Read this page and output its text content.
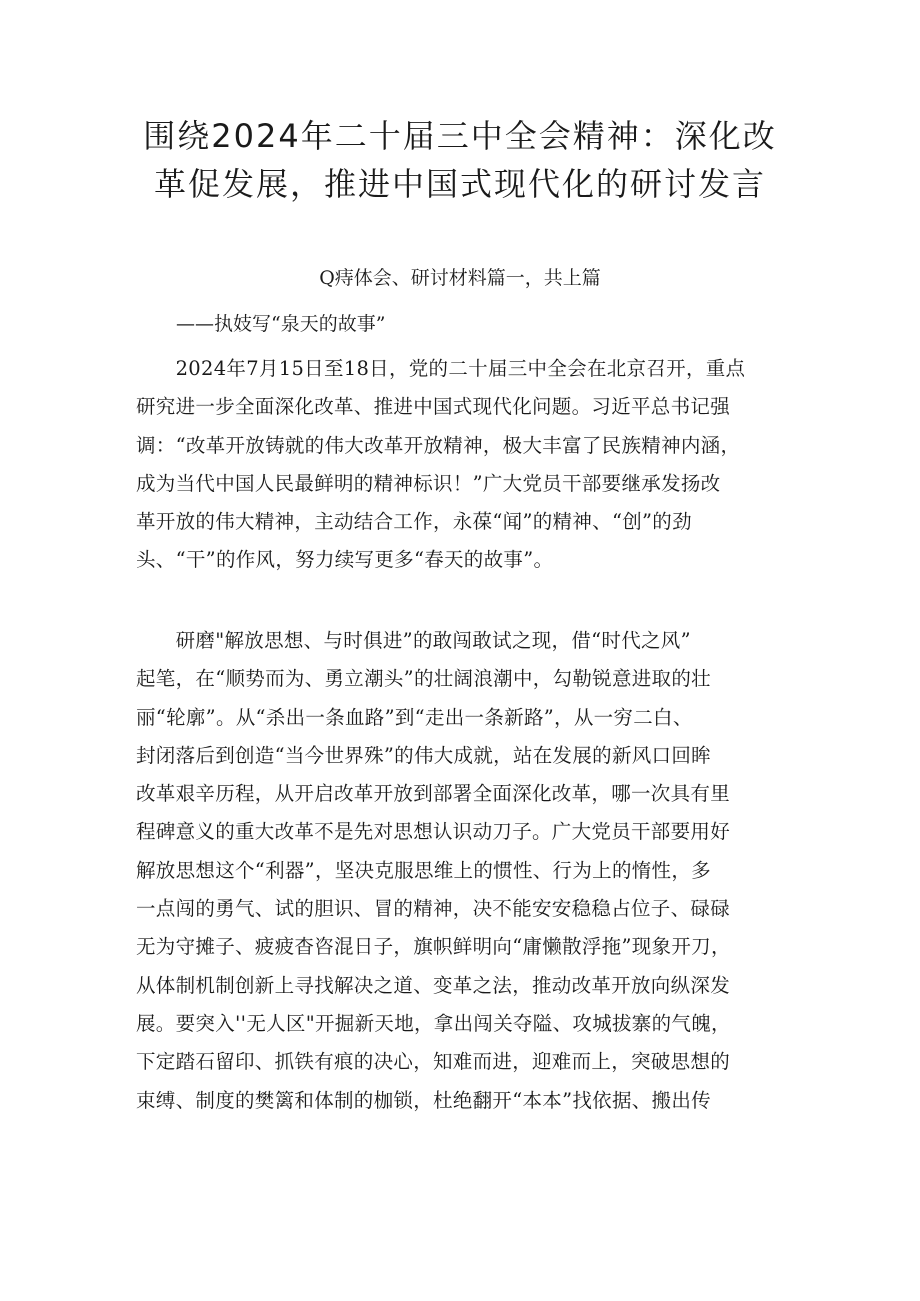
围绕2024年二十届三中全会精神：深化改
革促发展，推进中国式现代化的研讨发言
Q痔体会、研讨材料篇一，共上篇
——执妓写“泉天的故事”
　　2024年7月15日至18日，党的二十届三中全会在北京召开，重点
研究进一步全面深化改革、推进中国式现代化问题。习近平总书记强
调：“改革开放铸就的伟大改革开放精神，极大丰富了民族精神内涵，
成为当代中国人民最鲜明的精神标识！”广大党员干部要继承发扬改
革开放的伟大精神，主动结合工作，永葆“闻”的精神、“创”的劲
头、“干”的作风，努力续写更多“春天的故事”。
　　研磨"解放思想、与时俱进”的敢闯敢试之现，借“时代之风”
起笔，在“顺势而为、勇立潮头”的壮阔浪潮中，勾勒锐意进取的壮
丽“轮廓”。从“杀出一条血路”到“走出一条新路”，从一穷二白、
封闭落后到创造“当今世界殊”的伟大成就，站在发展的新风口回眸
改革艰辛历程，从开启改革开放到部署全面深化改革，哪一次具有里
程碑意义的重大改革不是先对思想认识动刀子。广大党员干部要用好
解放思想这个“利器”，坚决克服思维上的惯性、行为上的惰性，多
一点闯的勇气、试的胆识、冒的精神，决不能安安稳稳占位子、碌碌
无为守摊子、疲疲杳咨混日子，旗帜鲜明向“庸懒散浮拖”现象开刀，
从体制机制创新上寻找解决之道、变革之法，推动改革开放向纵深发
展。要突入''无人区"开掘新天地，拿出闯关夺隘、攻城拔寨的气魄，
下定踏石留印、抓铁有痕的决心，知难而进，迎难而上，突破思想的
束缚、制度的樊篱和体制的枷锁，杜绝翻开“本本”找依据、搬出传
